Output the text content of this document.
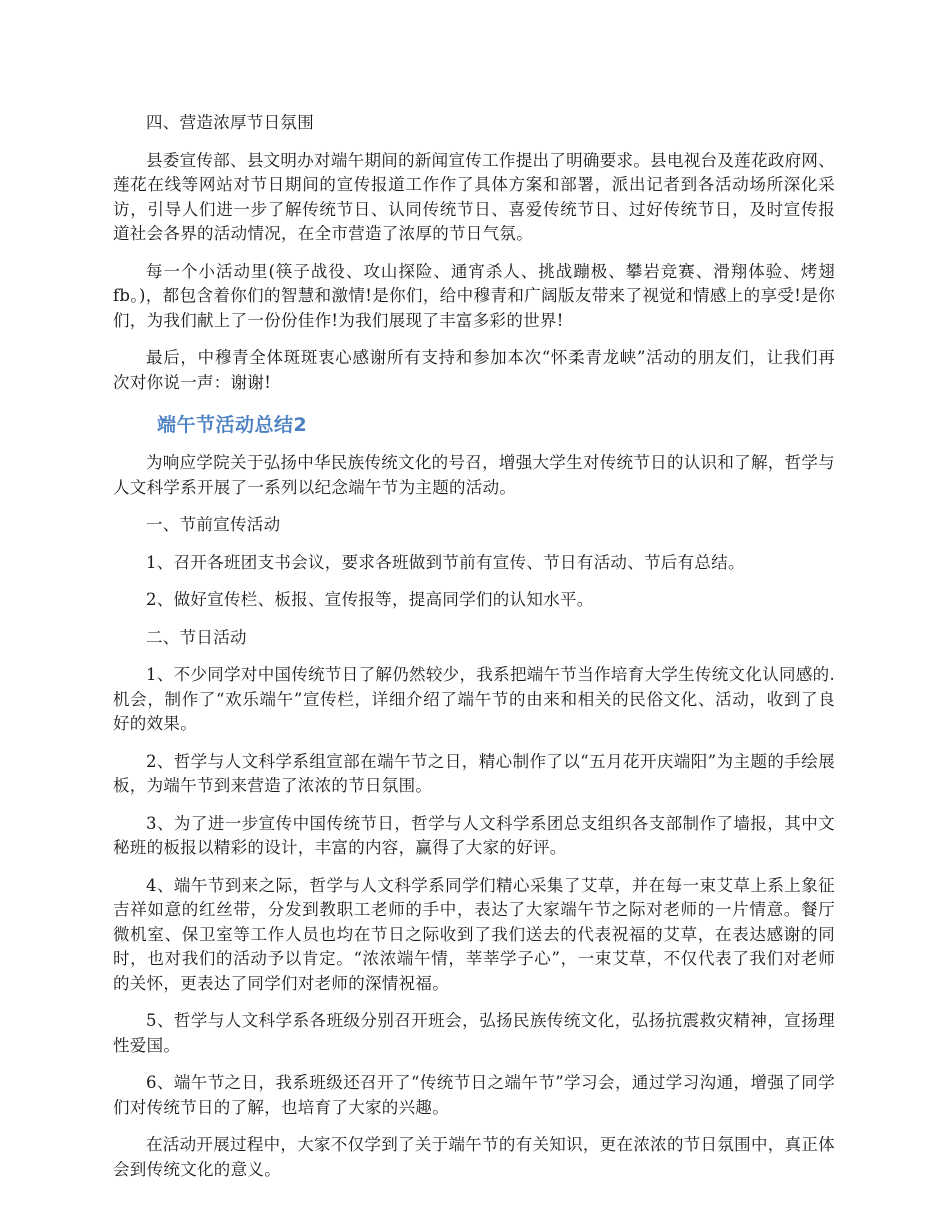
四、营造浓厚节日氛围

县委宣传部、县文明办对端午期间的新闻宣传工作提出了明确要求。县电视台及莲花政府网、莲花在线等网站对节日期间的宣传报道工作作了具体方案和部署，派出记者到各活动场所深化采访，引导人们进一步了解传统节日、认同传统节日、喜爱传统节日、过好传统节日，及时宣传报道社会各界的活动情况，在全市营造了浓厚的节日气氛。

每一个小活动里(筷子战役、攻山探险、通宵杀人、挑战蹦极、攀岩竞赛、滑翔体验、烤翅fb。)，都包含着你们的智慧和激情!是你们，给中穆青和广阔版友带来了视觉和情感上的享受!是你们，为我们献上了一份份佳作!为我们展现了丰富多彩的世界!

最后，中穆青全体斑斑衷心感谢所有支持和参加本次“怀柔青龙峡”活动的朋友们，让我们再次对你说一声：谢谢!

端午节活动总结2

为响应学院关于弘扬中华民族传统文化的号召，增强大学生对传统节日的认识和了解，哲学与人文科学系开展了一系列以纪念端午节为主题的活动。

一、节前宣传活动

1、召开各班团支书会议，要求各班做到节前有宣传、节日有活动、节后有总结。

2、做好宣传栏、板报、宣传报等，提高同学们的认知水平。

二、节日活动

1、不少同学对中国传统节日了解仍然较少，我系把端午节当作培育大学生传统文化认同感的.机会，制作了“欢乐端午”宣传栏，详细介绍了端午节的由来和相关的民俗文化、活动，收到了良好的效果。

2、哲学与人文科学系组宣部在端午节之日，精心制作了以“五月花开庆端阳”为主题的手绘展板，为端午节到来营造了浓浓的节日氛围。

3、为了进一步宣传中国传统节日，哲学与人文科学系团总支组织各支部制作了墙报，其中文秘班的板报以精彩的设计，丰富的内容，赢得了大家的好评。

4、端午节到来之际，哲学与人文科学系同学们精心采集了艾草，并在每一束艾草上系上象征吉祥如意的红丝带，分发到教职工老师的手中，表达了大家端午节之际对老师的一片情意。餐厅微机室、保卫室等工作人员也均在节日之际收到了我们送去的代表祝福的艾草，在表达感谢的同时，也对我们的活动予以肯定。“浓浓端午情，莘莘学子心”，一束艾草，不仅代表了我们对老师的关怀，更表达了同学们对老师的深情祝福。

5、哲学与人文科学系各班级分别召开班会，弘扬民族传统文化，弘扬抗震救灾精神，宣扬理性爱国。

6、端午节之日，我系班级还召开了“传统节日之端午节”学习会，通过学习沟通，增强了同学们对传统节日的了解，也培育了大家的兴趣。

在活动开展过程中，大家不仅学到了关于端午节的有关知识，更在浓浓的节日氛围中，真正体会到传统文化的意义。
